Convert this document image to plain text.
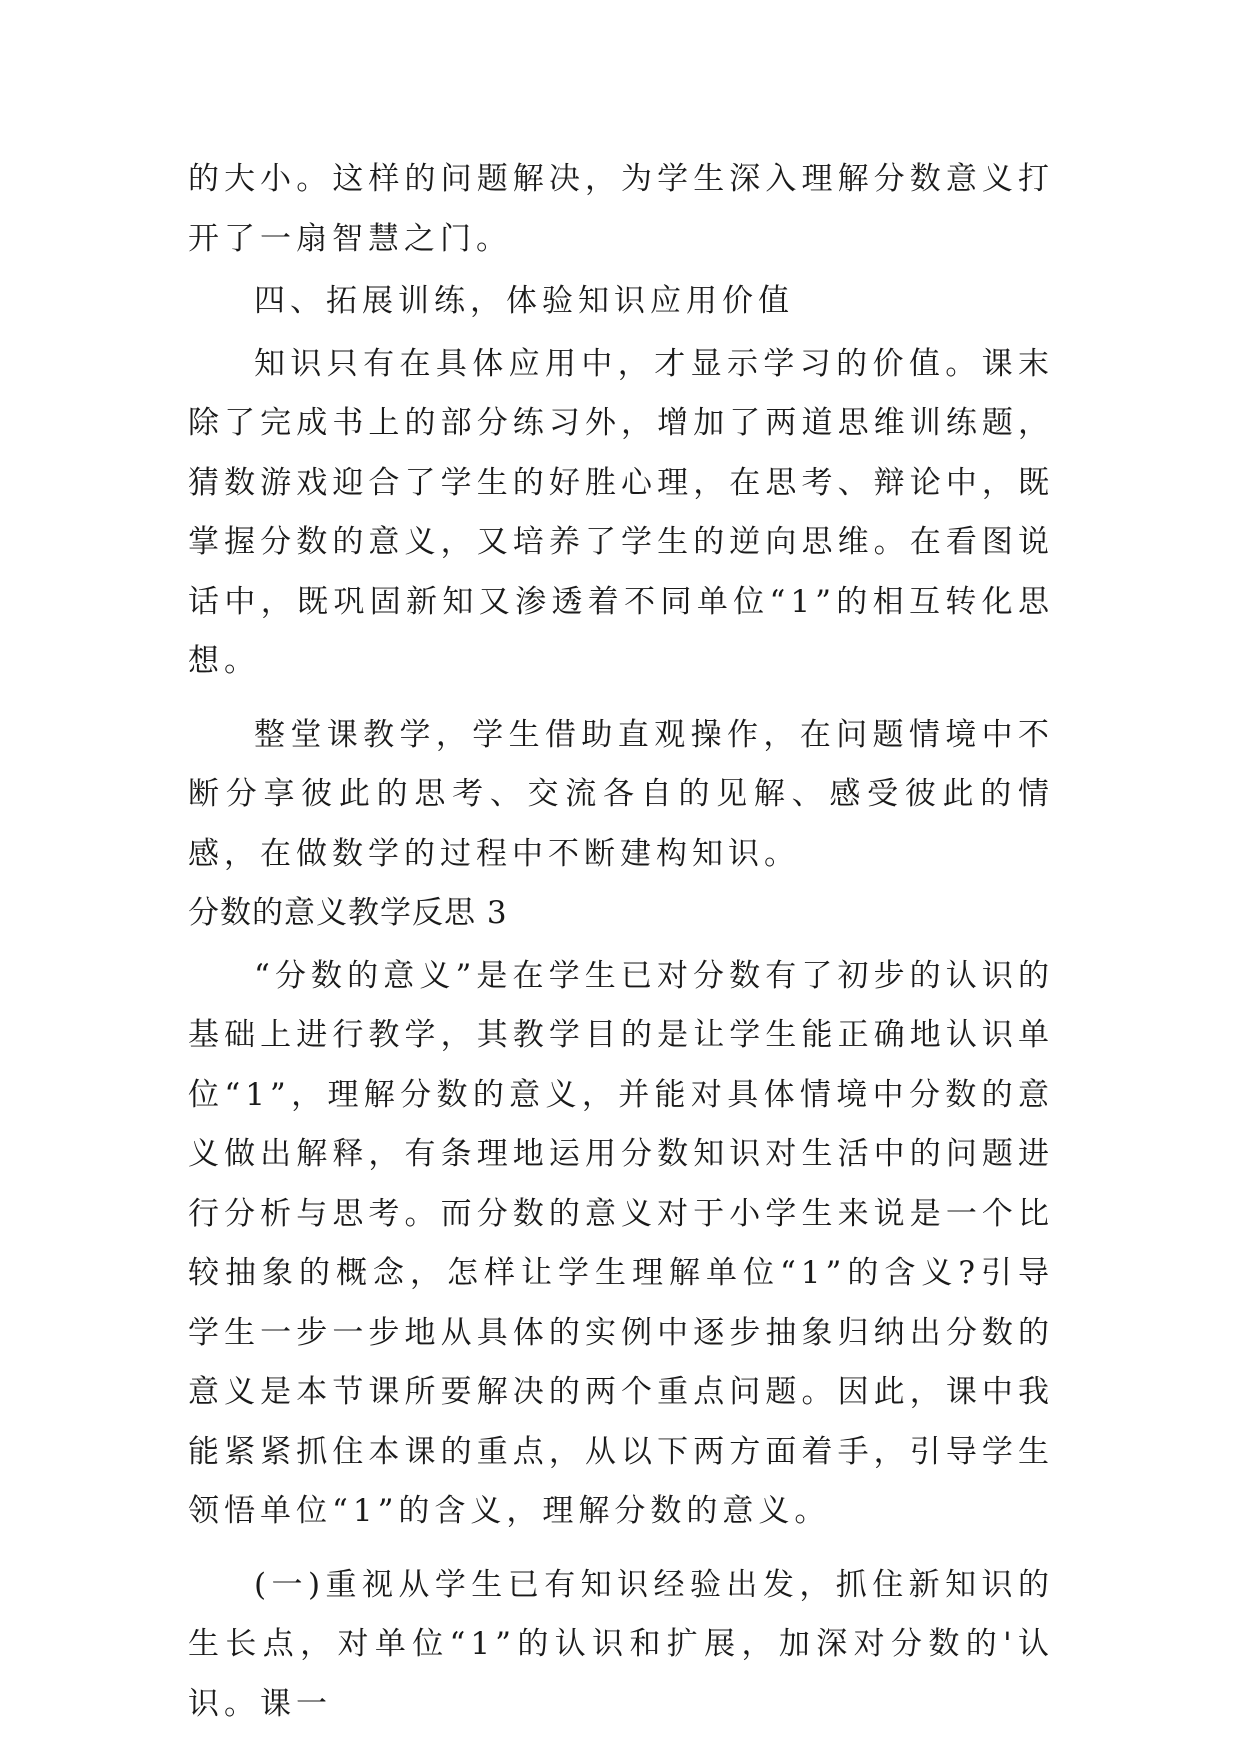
的大小。这样的问题解决，为学生深入理解分数意义打开了一扇智慧之门。

四、拓展训练，体验知识应用价值

知识只有在具体应用中，才显示学习的价值。课末除了完成书上的部分练习外，增加了两道思维训练题，猜数游戏迎合了学生的好胜心理，在思考、辩论中，既掌握分数的意义，又培养了学生的逆向思维。在看图说话中，既巩固新知又渗透着不同单位“1”的相互转化思想。

整堂课教学，学生借助直观操作，在问题情境中不断分享彼此的思考、交流各自的见解、感受彼此的情感，在做数学的过程中不断建构知识。

分数的意义教学反思 3

“分数的意义”是在学生已对分数有了初步的认识的基础上进行教学，其教学目的是让学生能正确地认识单位“1”，理解分数的意义，并能对具体情境中分数的意义做出解释，有条理地运用分数知识对生活中的问题进行分析与思考。而分数的意义对于小学生来说是一个比较抽象的概念，怎样让学生理解单位“1”的含义?引导学生一步一步地从具体的实例中逐步抽象归纳出分数的意义是本节课所要解决的两个重点问题。因此，课中我能紧紧抓住本课的重点，从以下两方面着手，引导学生领悟单位“1”的含义，理解分数的意义。

(一)重视从学生已有知识经验出发，抓住新知识的生长点，对单位“1”的认识和扩展，加深对分数的'认识。课一
